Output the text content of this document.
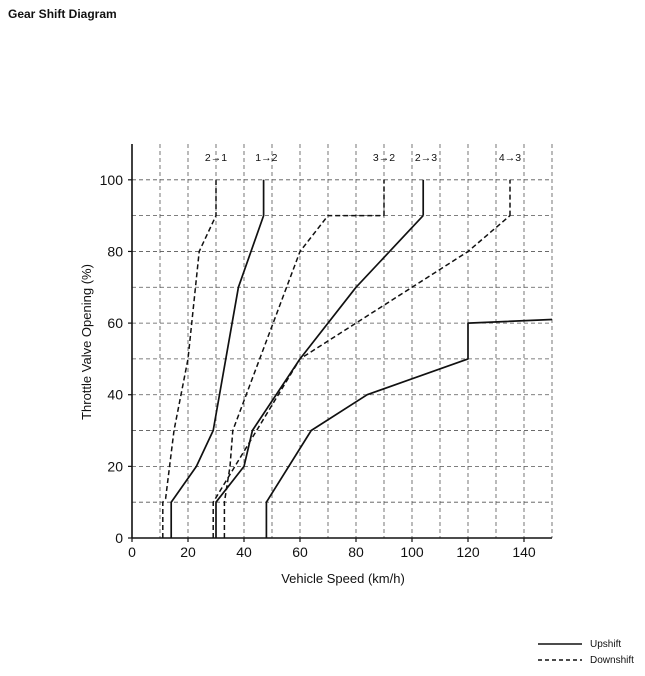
Gear Shift Diagram
0	20	40	60	80	100 120 140
0
20
40
60
80
100
2→1	1→2	3→2 2→3	4→3
Upshift
Downshift
Vehicle Speed (km/h)
Throttle Valve Opening (%)
